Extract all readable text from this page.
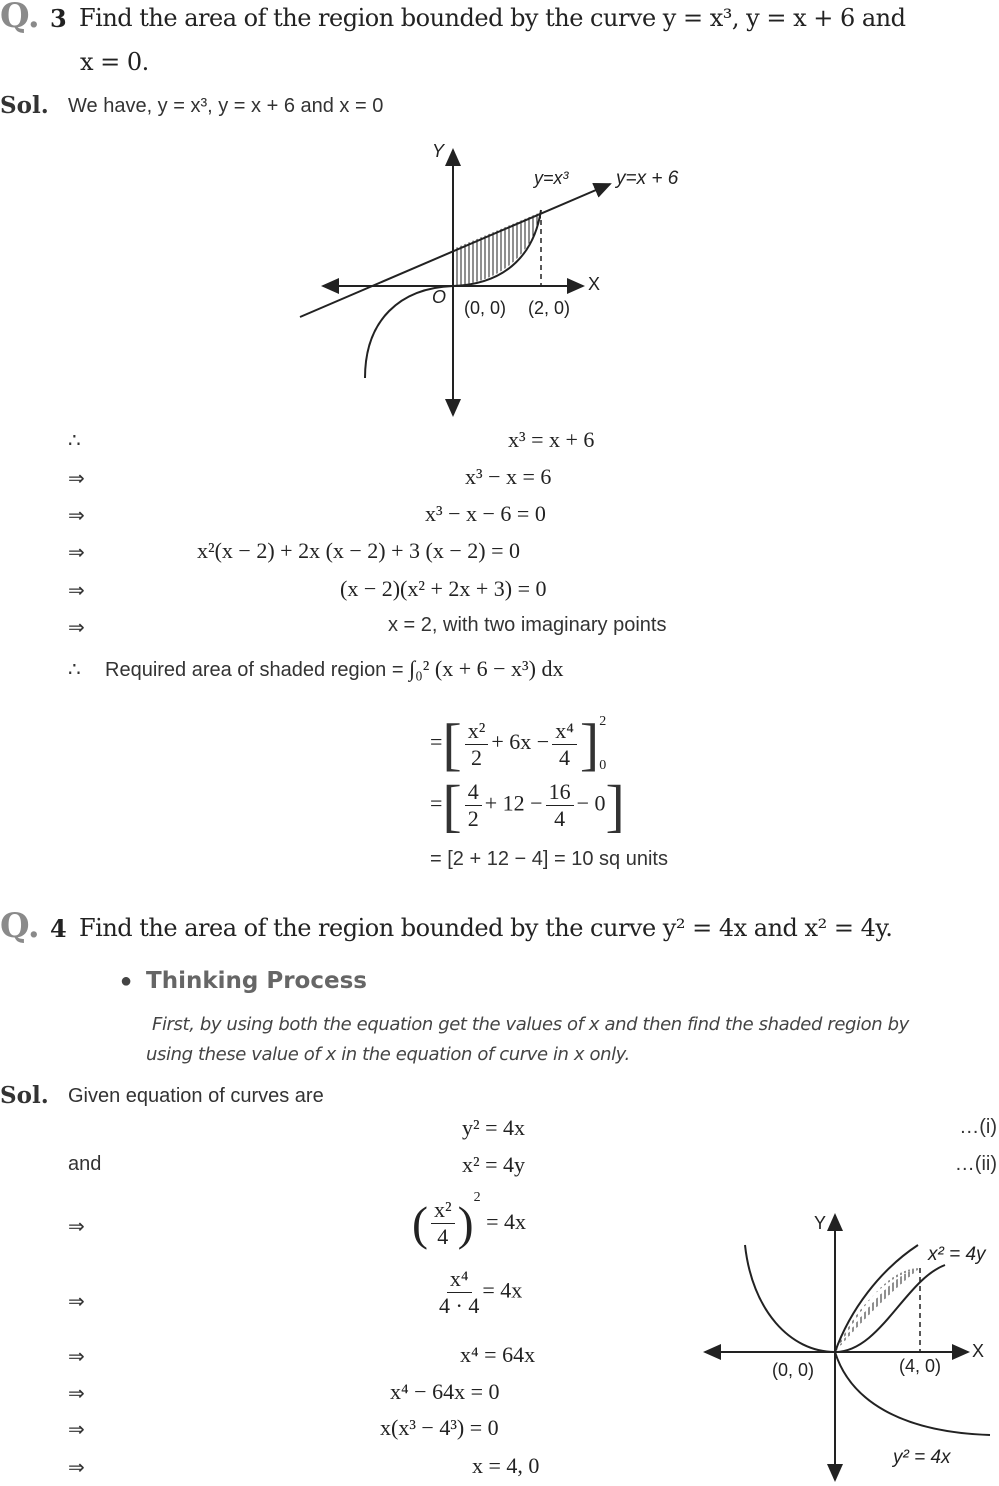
Q. 3 Find the area of the region bounded by the curve y = x³, y = x + 6 and
x = 0.
Sol. We have, y = x³, y = x + 6 and x = 0
Y
X
O
(0, 0) (2, 0)
y=x³ y=x + 6
∴	x³ = x + 6
⇒	x³ − x = 6
⇒	x³ − x − 6 = 0
⇒	x²(x − 2) + 2x (x − 2) + 3 (x − 2) = 0
⇒	(x − 2)(x² + 2x + 3) = 0
⇒	x = 2, with two imaginary points
∴ Required area of shaded region = ∫₀² (x + 6 − x³) dx
=[ $\frac{\text{x²}}{2} + 6x - \frac{\text{x⁴}}{4}$ ] 2
0
=[ $\frac{4}{2} + 12 - \frac{16}{4} - 0$]
= [2 + 12 − 4] = 10 sq units
Q. 4 Find the area of the region bounded by the curve y² = 4x and x² = 4y.
● Thinking Process
First, by using both the equation get the values of x and then find the shaded region by
using these value of x in the equation of curve in x only.
Sol. Given equation of curves are
y² = 4x	…(i)
and	x² = 4y	…(ii)
⇒	( $\frac{\text{x²}}{4} )^2 = 4x$
⇒	$\frac{\text{x⁴}}{4 \cdot 4} = 4x$
⇒	x⁴ = 64x
⇒	x⁴ − 64x = 0
⇒	x(x³ − 4³) = 0
⇒	x = 4, 0
Y
X
(0, 0)	(4, 0)
x² = 4y
y² = 4x
